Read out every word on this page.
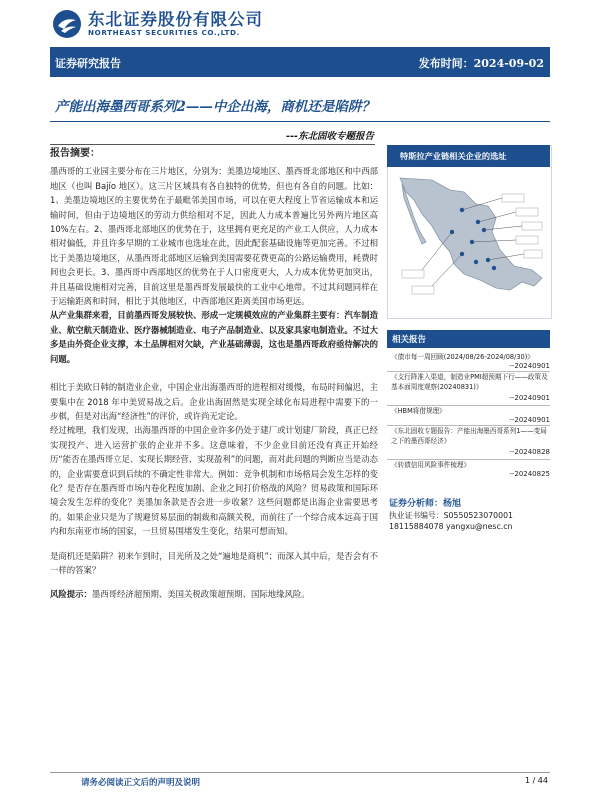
东北证券股份有限公司
NORTHEAST SECURITIES CO.,LTD.
证券研究报告	发布时间：2024-09-02
产能出海墨西哥系列2——中企出海，商机还是陷阱？
---东北固收专题报告
报告摘要：

墨西哥的工业园主要分布在三片地区，分别为：美墨边境地区、墨西哥北部地区和中西部地区（也叫 Bajío 地区）。这三片区域具有各自独特的优势，但也有各自的问题。比如：1、美墨边境地区的主要优势在于最毗邻美国市场，可以在更大程度上节省运输成本和运输时间，但由于边境地区的劳动力供给相对不足，因此人力成本普遍比另外两片地区高 10%左右。2、墨西哥北部地区的优势在于，这里拥有更充足的产业工人供应，人力成本相对偏低，并且许多早期的工业城市也选址在此，因此配套基础设施等更加完善。不过相比于美墨边境地区，从墨西哥北部地区运输到美国需要花费更高的公路运输费用，耗费时间也会更长。3、墨西哥中西部地区的优势在于人口密度更大，人力成本优势更加突出，并且基础设施相对完善，目前这里是墨西哥发展最快的工业中心地带。不过其问题同样在于运输距离和时间，相比于其他地区，中西部地区距离美国市场更远。

从产业集群来看，目前墨西哥发展较快、形成一定规模效应的产业集群主要有：汽车制造业、航空航天制造业、医疗器械制造业、电子产品制造业、以及家具家电制造业。不过大多是由外资企业支撑，本土品牌相对欠缺，产业基础薄弱，这也是墨西哥政府亟待解决的问题。

相比于美欧日韩的制造业企业，中国企业出海墨西哥的进程相对缓慢，布局时间偏迟，主要集中在 2018 年中美贸易战之后。企业出海固然是实现全球化布局进程中需要下的一步棋，但是对出海“经济性”的评价，或许尚无定论。

经过梳理，我们发现，出海墨西哥的中国企业许多仍处于建厂或计划建厂阶段，真正已经实现投产、进入运营扩张的企业并不多。这意味着，不少企业目前还没有真正开始经历“能否在墨西哥立足、实现长期经营、实现盈利”的问题，而对此问题的判断应当是动态的，企业需要意识到后续的不确定性非常大。例如：竞争机制和市场格局会发生怎样的变化？是否存在墨西哥市场内卷化程度加剧、企业之间打价格战的风险？贸易政策和国际环境会发生怎样的变化？美墨加条款是否会进一步收紧？这些问题都是出海企业需要思考的。如果企业只是为了规避贸易层面的制裁和高额关税，而前往了一个综合成本远高于国内和东南亚市场的国家，一旦贸易围堵发生变化，结果可想而知。

是商机还是陷阱？初来乍到时，目光所及之处“遍地是商机”；而深入其中后，是否会有不一样的答案？

风险提示：墨西哥经济超预期、美国关税政策超预期、国际地缘风险。

特斯拉产业链相关企业的选址
相关报告
《债市每一周回顾(2024/08/26-2024/08/30)》
--20240901
《支行降准入渠道，制造业PMI超预期下行——政策及基本面周度观察(20240831)》
--20240901
《HBM将借规理》
--20240901
《东北固收专题报告：产能出海墨西哥系列1——变局之下的墨西哥经济》
--20240828
证券分析师：杨旭
执业证书编号：S0550523070001
18115884078 yangxu@nesc.cn
请务必阅读正文后的声明及说明	1 / 44
《转债信用风险事件梳理》
--20240825
